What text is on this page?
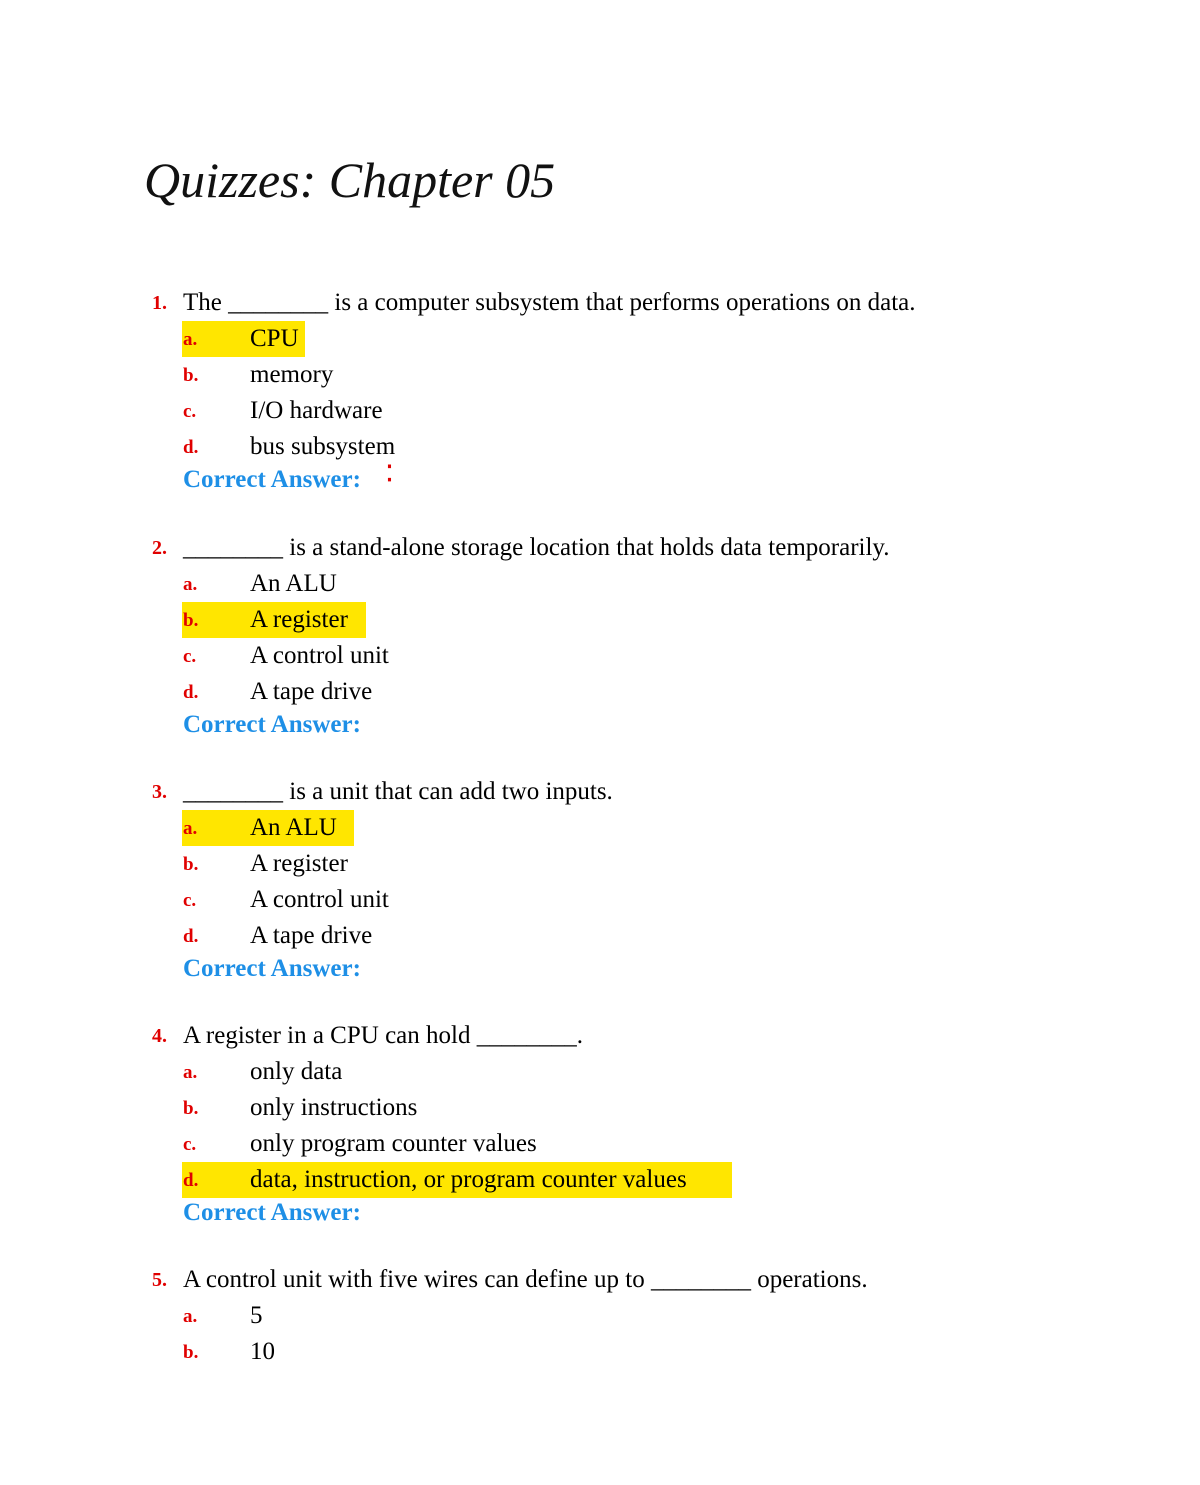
Quizzes: Chapter 05
1. The ________ is a computer subsystem that performs operations on data.
a. CPU
b. memory
c. I/O hardware
d. bus subsystem
Correct Answer: ⁚
2. ________ is a stand-alone storage location that holds data temporarily.
a. An ALU
b. A register
c. A control unit
d. A tape drive
Correct Answer:
3. ________ is a unit that can add two inputs.
a. An ALU
b. A register
c. A control unit
d. A tape drive
Correct Answer:
4. A register in a CPU can hold ________.
a. only data
b. only instructions
c. only program counter values
d. data, instruction, or program counter values
Correct Answer:
5. A control unit with five wires can define up to ________ operations.
a. 5
b. 10
